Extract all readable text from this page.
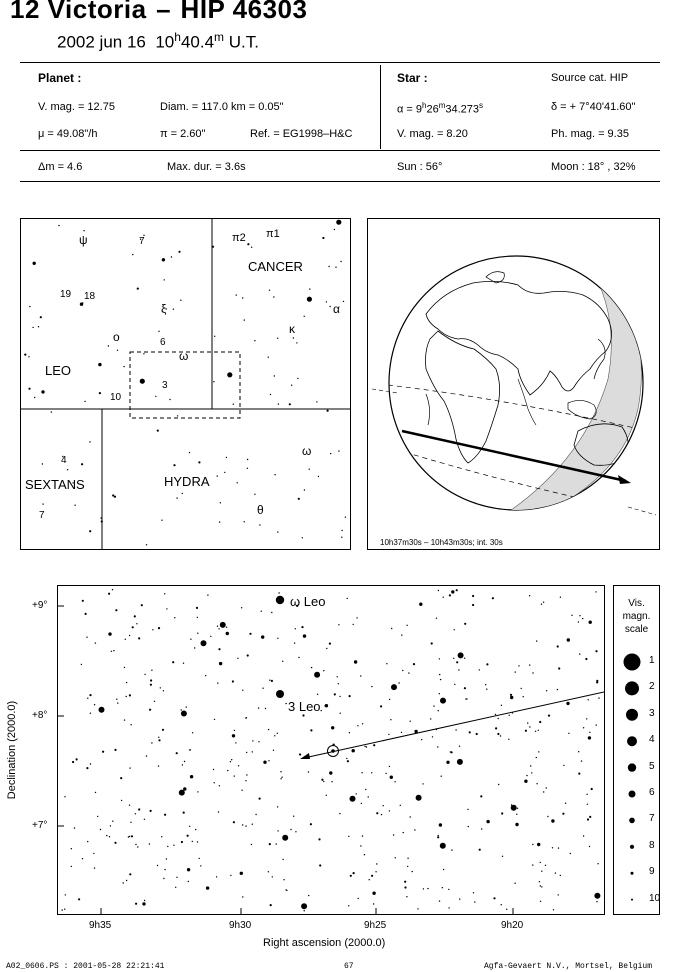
12 Victoria – HIP 46303
2002 jun 16 10$^h$40.4$^m$ U.T.
Planet :
V. mag. = 12.75	Diam. = 117.0 km = 0.05"
μ = 49.08"/h	π = 2.60"	Ref. = EG1998–H&C
Star :	Source cat. HIP
$\alpha = 9^h26^m34.273^s$	δ = + 7°40'41.60"
V. mag. = 8.20	Ph. mag. = 9.35
Δm = 4.6	Max. dur. = 3.6s	Sun : 56°	Moon : 18° , 32%
CANCER
LEO
SEXTANS	HYDRA
ψ	7	π2 π1
19 18
ξ
ο	6
ω
3
10
κ
α
4
7
ω
θ
10h37m30s – 10h43m30s; int. 30s
ω Leo
3 Leo
9h35	9h30	9h25	9h20
+9°
+8°
+7°
Right ascension (2000.0)
Declination (2000.0)
Vis.
magn.
scale
1
2
3
4
5
6
7
8
9
10
A02_0606.PS : 2001-05-28 22:21:41	67	Agfa-Gevaert N.V., Mortsel, Belgium
